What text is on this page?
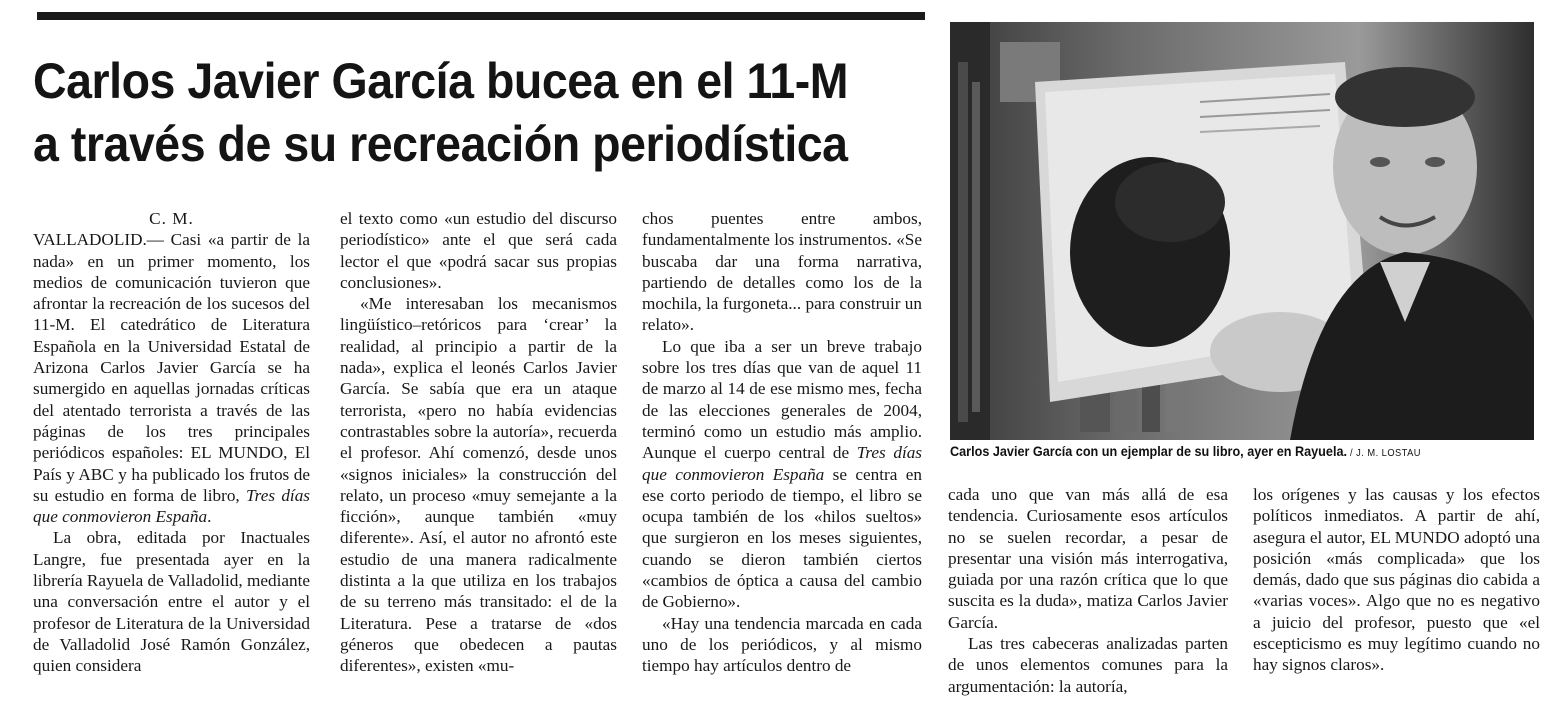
Carlos Javier García bucea en el 11-M a través de su recreación periodística

C. M.

VALLADOLID.— Casi «a partir de la nada» en un primer momento, los medios de comunicación tuvieron que afrontar la recreación de los sucesos del 11-M. El catedrático de Literatura Española en la Universidad Estatal de Arizona Carlos Javier García se ha sumergido en aquellas jornadas críticas del atentado terrorista a través de las páginas de los tres principales periódicos españoles: EL MUNDO, El País y ABC y ha publicado los frutos de su estudio en forma de libro, Tres días que conmovieron España.

La obra, editada por Inactuales Langre, fue presentada ayer en la librería Rayuela de Valladolid, mediante una conversación entre el autor y el profesor de Literatura de la Universidad de Valladolid José Ramón González, quien considera

el texto como «un estudio del discurso periodístico» ante el que será cada lector el que «podrá sacar sus propias conclusiones».

«Me interesaban los mecanismos lingüístico–retóricos para ‘crear’ la realidad, al principio a partir de la nada», explica el leonés Carlos Javier García. Se sabía que era un ataque terrorista, «pero no había evidencias contrastables sobre la autoría», recuerda el profesor. Ahí comenzó, desde unos «signos iniciales» la construcción del relato, un proceso «muy semejante a la ficción», aunque también «muy diferente». Así, el autor no afrontó este estudio de una manera radicalmente distinta a la que utiliza en los trabajos de su terreno más transitado: el de la Literatura. Pese a tratarse de «dos géneros que obedecen a pautas diferentes», existen «mu-

chos puentes entre ambos, fundamentalmente los instrumentos. «Se buscaba dar una forma narrativa, partiendo de detalles como los de la mochila, la furgoneta... para construir un relato».

Lo que iba a ser un breve trabajo sobre los tres días que van de aquel 11 de marzo al 14 de ese mismo mes, fecha de las elecciones generales de 2004, terminó como un estudio más amplio. Aunque el cuerpo central de Tres días que conmovieron España se centra en ese corto periodo de tiempo, el libro se ocupa también de los «hilos sueltos» que surgieron en los meses siguientes, cuando se dieron también ciertos «cambios de óptica a causa del cambio de Gobierno».

«Hay una tendencia marcada en cada uno de los periódicos, y al mismo tiempo hay artículos dentro de

Carlos Javier García con un ejemplar de su libro, ayer en Rayuela. / J. M. LOSTAU

cada uno que van más allá de esa tendencia. Curiosamente esos artículos no se suelen recordar, a pesar de presentar una visión más interrogativa, guiada por una razón crítica que lo que suscita es la duda», matiza Carlos Javier García.

Las tres cabeceras analizadas parten de unos elementos comunes para la argumentación: la autoría,

los orígenes y las causas y los efectos políticos inmediatos. A partir de ahí, asegura el autor, EL MUNDO adoptó una posición «más complicada» que los demás, dado que sus páginas dio cabida a «varias voces». Algo que no es negativo a juicio del profesor, puesto que «el escepticismo es muy legítimo cuando no hay signos claros».
